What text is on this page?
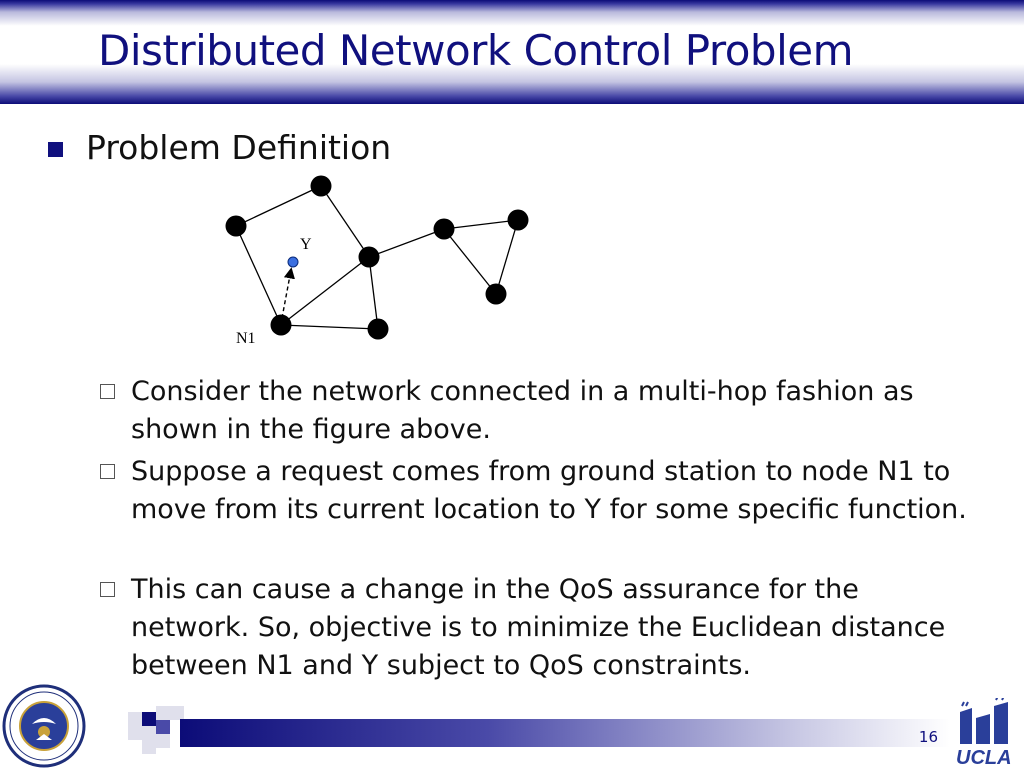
Distributed Network Control Problem
Problem Definition
Y
N1
Consider the network connected in a multi-hop fashion as shown in the figure above.
Suppose a request comes from ground station to node N1 to move from its current location to Y for some specific function.
This can cause a change in the QoS assurance for the network. So, objective is to minimize the Euclidean distance between N1 and Y subject to QoS constraints.
16
UCLA
